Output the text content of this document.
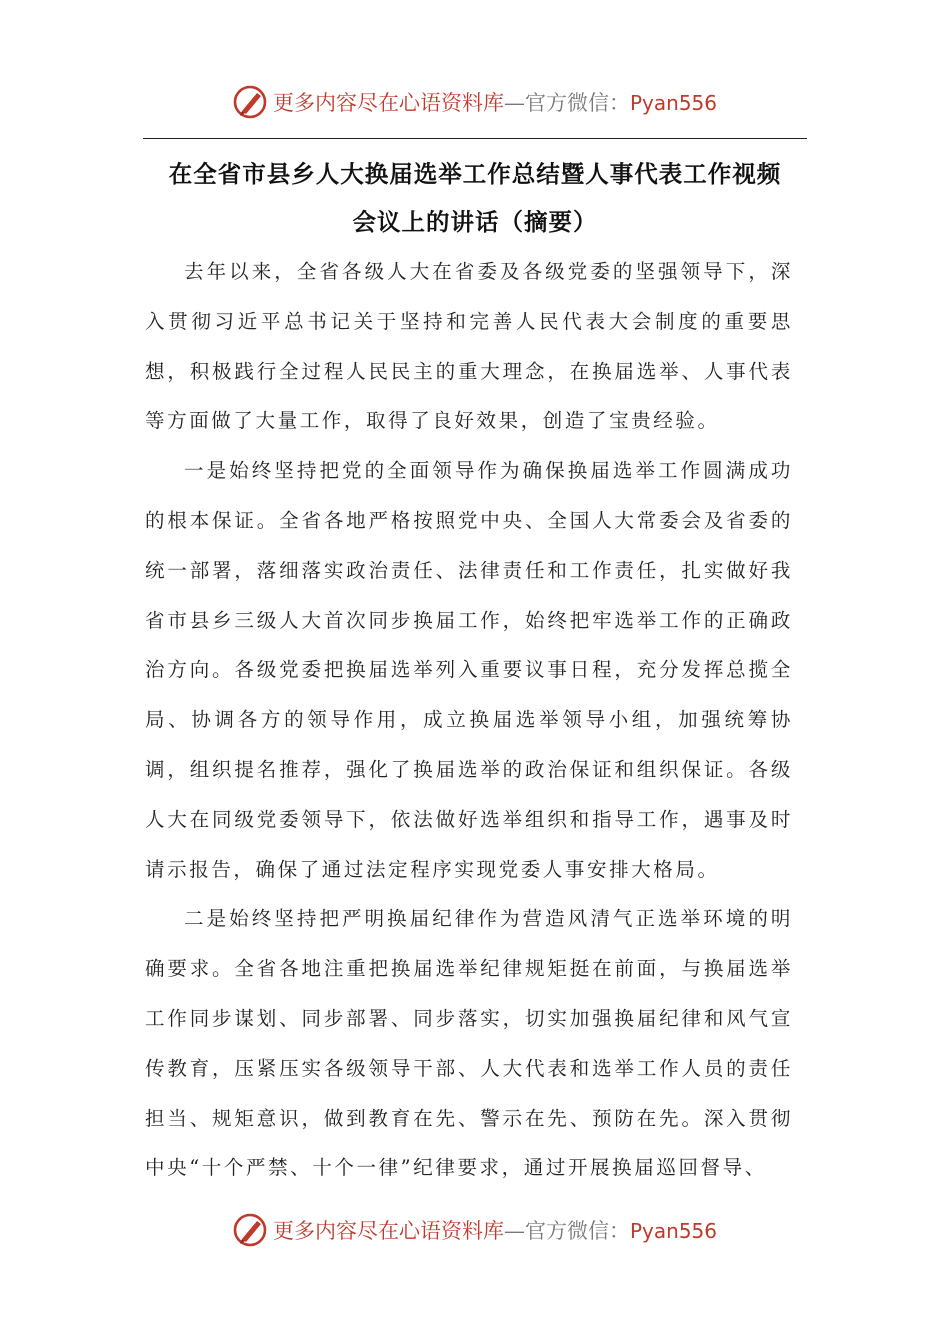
更多内容尽在心语资料库—官方微信：Pyan556
在全省市县乡人大换届选举工作总结暨人事代表工作视频
会议上的讲话（摘要）

去年以来，全省各级人大在省委及各级党委的坚强领导下，深入贯彻习近平总书记关于坚持和完善人民代表大会制度的重要思想，积极践行全过程人民民主的重大理念，在换届选举、人事代表等方面做了大量工作，取得了良好效果，创造了宝贵经验。

一是始终坚持把党的全面领导作为确保换届选举工作圆满成功的根本保证。全省各地严格按照党中央、全国人大常委会及省委的统一部署，落细落实政治责任、法律责任和工作责任，扎实做好我省市县乡三级人大首次同步换届工作，始终把牢选举工作的正确政治方向。各级党委把换届选举列入重要议事日程，充分发挥总揽全局、协调各方的领导作用，成立换届选举领导小组，加强统筹协调，组织提名推荐，强化了换届选举的政治保证和组织保证。各级人大在同级党委领导下，依法做好选举组织和指导工作，遇事及时请示报告，确保了通过法定程序实现党委人事安排大格局。

二是始终坚持把严明换届纪律作为营造风清气正选举环境的明确要求。全省各地注重把换届选举纪律规矩挺在前面，与换届选举工作同步谋划、同步部署、同步落实，切实加强换届纪律和风气宣传教育，压紧压实各级领导干部、人大代表和选举工作人员的责任担当、规矩意识，做到教育在先、警示在先、预防在先。深入贯彻中央“十个严禁、十个一律”纪律要求，通过开展换届巡回督导、

更多内容尽在心语资料库—官方微信：Pyan556
